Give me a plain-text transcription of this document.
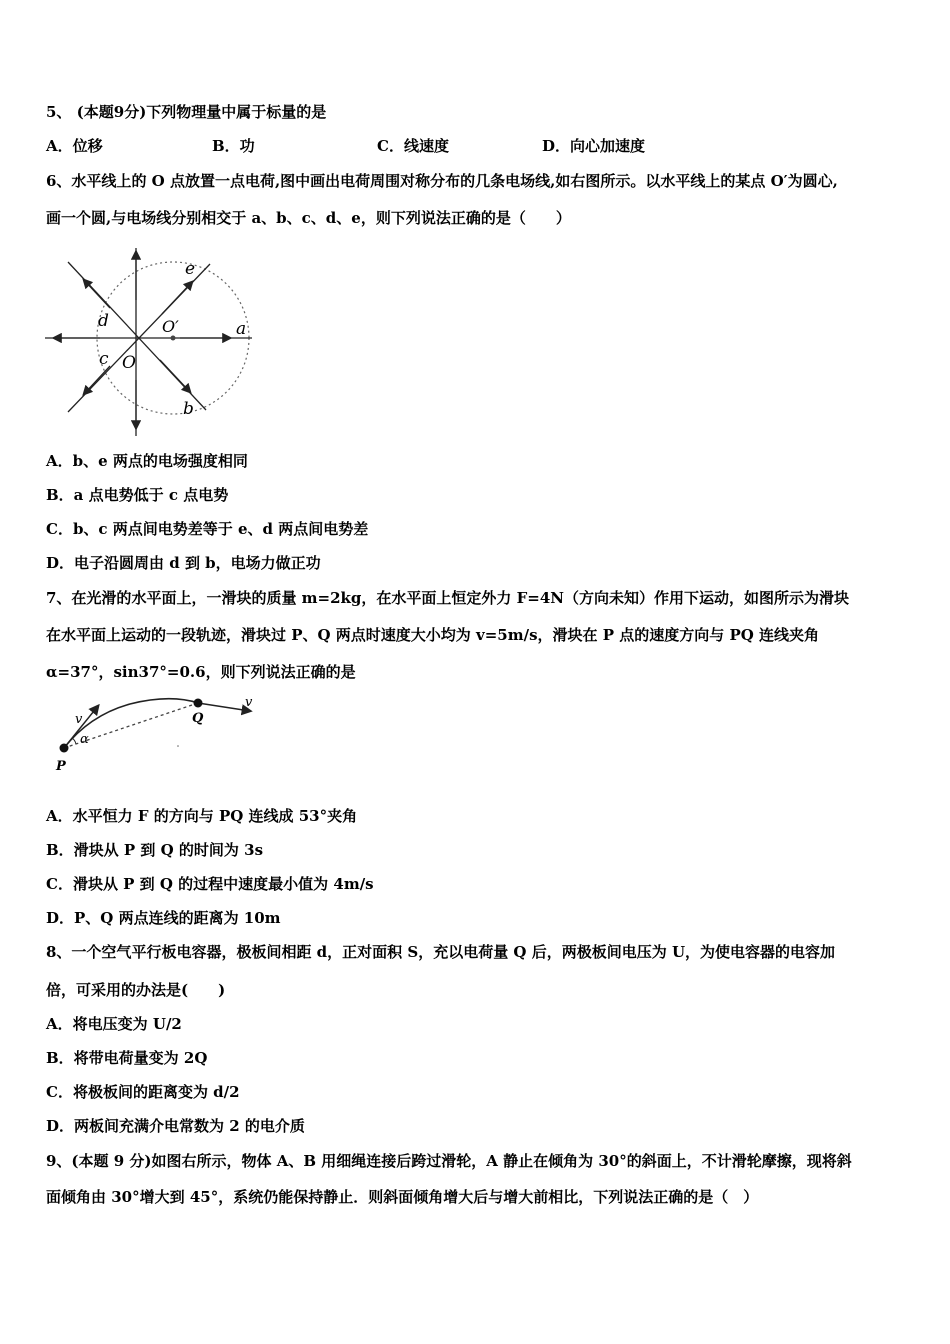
5、 (本题9分)下列物理量中属于标量的是
A．位移	B．功	C．线速度	D．向心加速度
6、水平线上的 O 点放置一点电荷,图中画出电荷周围对称分布的几条电场线,如右图所示。以水平线上的某点 O′为圆心,
画一个圆,与电场线分别相交于 a、b、c、d、e，则下列说法正确的是（　　）
e
d	O′	a
c O
b
A．b、e 两点的电场强度相同
B．a 点电势低于 c 点电势
C．b、c 两点间电势差等于 e、d 两点间电势差
D．电子沿圆周由 d 到 b，电场力做正功
7、在光滑的水平面上，一滑块的质量 m=2kg，在水平面上恒定外力 F=4N（方向未知）作用下运动，如图所示为滑块
在水平面上运动的一段轨迹，滑块过 P、Q 两点时速度大小均为 v=5m/s，滑块在 P 点的速度方向与 PQ 连线夹角
α=37°，sin37°=0.6，则下列说法正确的是
v
α
P
Q
v
A．水平恒力 F 的方向与 PQ 连线成 53°夹角
B．滑块从 P 到 Q 的时间为 3s
C．滑块从 P 到 Q 的过程中速度最小值为 4m/s
D．P、Q 两点连线的距离为 10m
8、一个空气平行板电容器，极板间相距 d，正对面积 S，充以电荷量 Q 后，两极板间电压为 U，为使电容器的电容加
倍，可采用的办法是(　　)
A．将电压变为 U/2
B．将带电荷量变为 2Q
C．将极板间的距离变为 d/2
D．两板间充满介电常数为 2 的电介质
9、(本题 9 分)如图右所示，物体 A、B 用细绳连接后跨过滑轮，A 静止在倾角为 30°的斜面上，不计滑轮摩擦，现将斜
面倾角由 30°增大到 45°，系统仍能保持静止．则斜面倾角增大后与增大前相比，下列说法正确的是（　）
